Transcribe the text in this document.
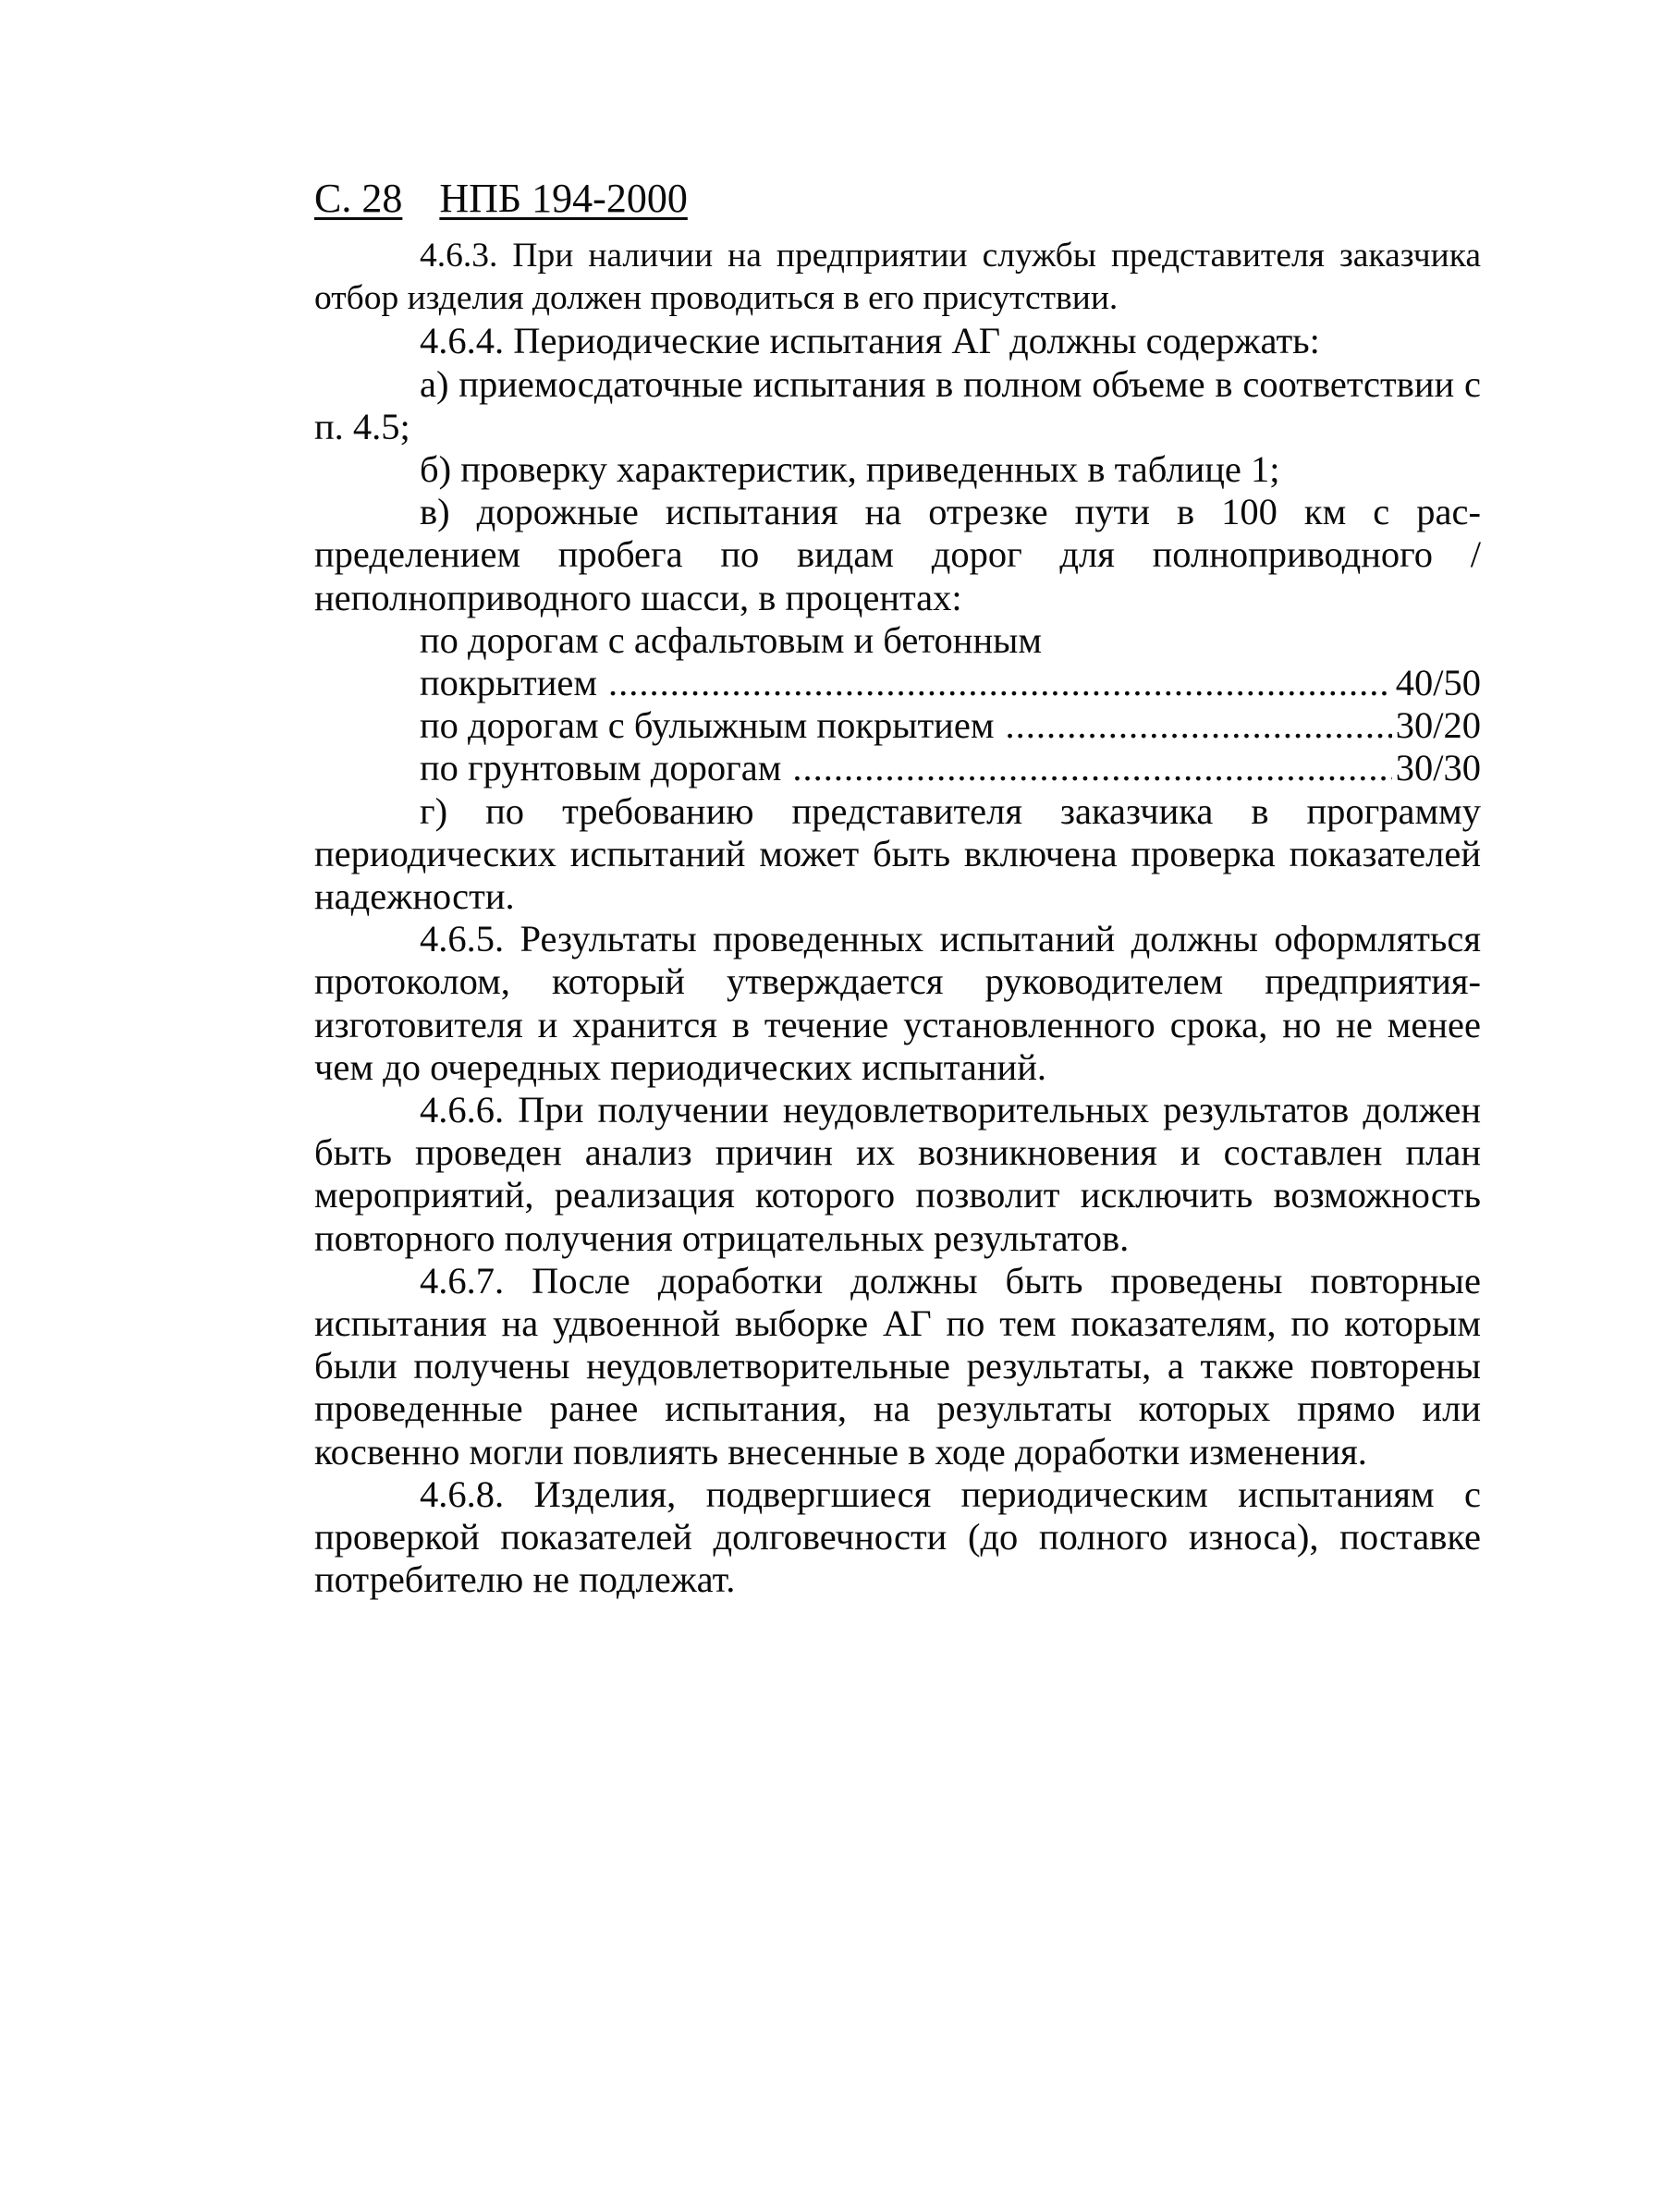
С. 28 НПБ 194-2000

4.6.3. При наличии на предприятии службы представителя заказчика отбор изделия должен проводиться в его присутствии.

4.6.4. Периодические испытания АГ должны содержать:

а) приемосдаточные испытания в полном объеме в соответствии с п. 4.5;

б) проверку характеристик, приведенных в таблице 1;

в) дорожные испытания на отрезке пути в 100 км с распределением пробега по видам дорог для полноприводного / неполноприводного шасси, в процентах:

по дорогам с асфальтовым и бетонным

покрытием .....	40/50
по дорогам с булыжным покрытием .....	30/20
по грунтовым дорогам .....	30/30

г) по требованию представителя заказчика в программу периодических испытаний может быть включена проверка показателей надежности.

4.6.5. Результаты проведенных испытаний должны оформляться протоколом, который утверждается руководителем предприятия-изготовителя и хранится в течение установленного срока, но не менее чем до очередных периодических испытаний.

4.6.6. При получении неудовлетворительных результатов должен быть проведен анализ причин их возникновения и составлен план мероприятий, реализация которого позволит исключить возможность повторного получения отрицательных результатов.

4.6.7. После доработки должны быть проведены повторные испытания на удвоенной выборке АГ по тем показателям, по которым были получены неудовлетворительные результаты, а также повторены проведенные ранее испытания, на результаты которых прямо или косвенно могли повлиять внесенные в ходе доработки изменения.

4.6.8. Изделия, подвергшиеся периодическим испытаниям с проверкой показателей долговечности (до полного износа), поставке потребителю не подлежат.
